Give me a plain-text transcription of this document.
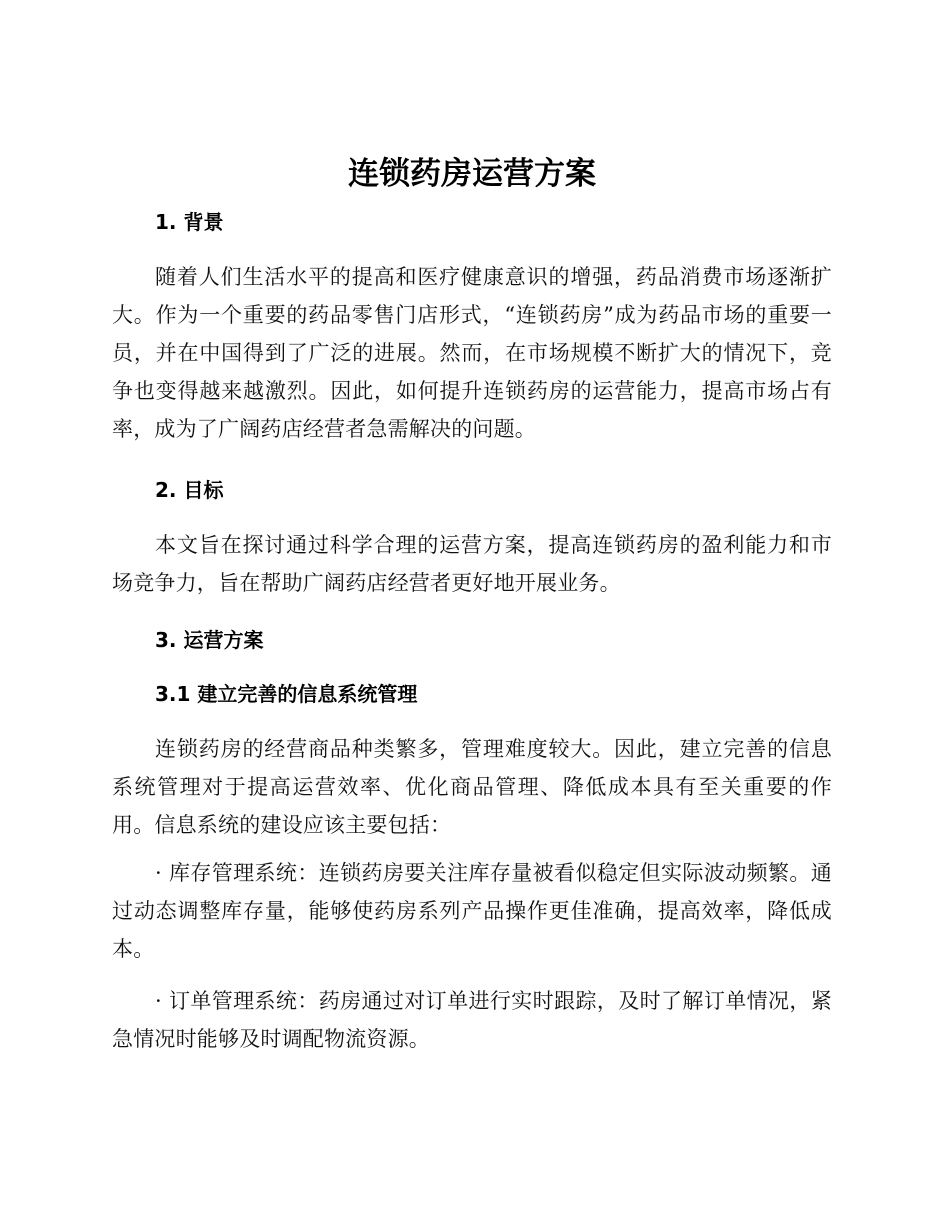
连锁药房运营方案
1. 背景

随着人们生活水平的提高和医疗健康意识的增强，药品消费市场逐渐扩大。作为一个重要的药品零售门店形式，“连锁药房”成为药品市场的重要一员，并在中国得到了广泛的进展。然而，在市场规模不断扩大的情况下，竞争也变得越来越激烈。因此，如何提升连锁药房的运营能力，提高市场占有率，成为了广阔药店经营者急需解决的问题。

2. 目标

本文旨在探讨通过科学合理的运营方案，提高连锁药房的盈利能力和市场竞争力，旨在帮助广阔药店经营者更好地开展业务。

3. 运营方案
3.1 建立完善的信息系统管理

连锁药房的经营商品种类繁多，管理难度较大。因此，建立完善的信息系统管理对于提高运营效率、优化商品管理、降低成本具有至关重要的作用。信息系统的建设应该主要包括：

· 库存管理系统：连锁药房要关注库存量被看似稳定但实际波动频繁。通过动态调整库存量，能够使药房系列产品操作更佳准确，提高效率，降低成本。

· 订单管理系统：药房通过对订单进行实时跟踪，及时了解订单情况，紧急情况时能够及时调配物流资源。
